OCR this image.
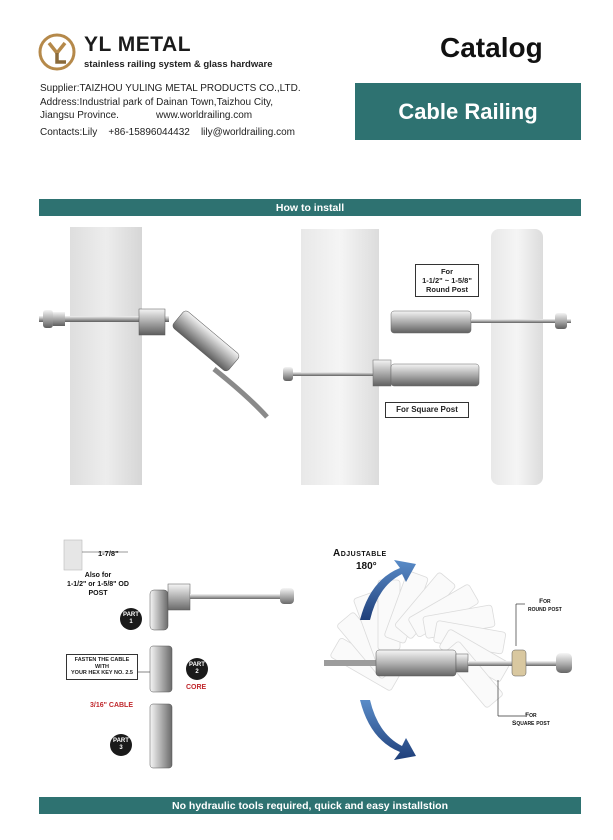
YL METAL
stainless railing system & glass hardware
Catalog
Supplier:TAIZHOU YULING METAL PRODUCTS CO.,LTD.
Address:Industrial park of Dainan Town,Taizhou City,
Jiangsu Province.	www.worldrailing.com
Contacts:Lily    +86-15896044432    lily@worldrailing.com
Cable Railing
How to install
For
1-1/2" ~ 1-5/8"
Round Post
For Square Post
1-7/8"
Also for
1-1/2" or 1-5/8" OD
POST
PART
1
FASTEN THE CABLE
WITH
YOUR HEX KEY NO. 2.5
PART
2
CORE
3/16" CABLE
PART
3
Adjustable
180°
For
round post
For
Square post
No hydraulic tools required, quick and easy installstion
